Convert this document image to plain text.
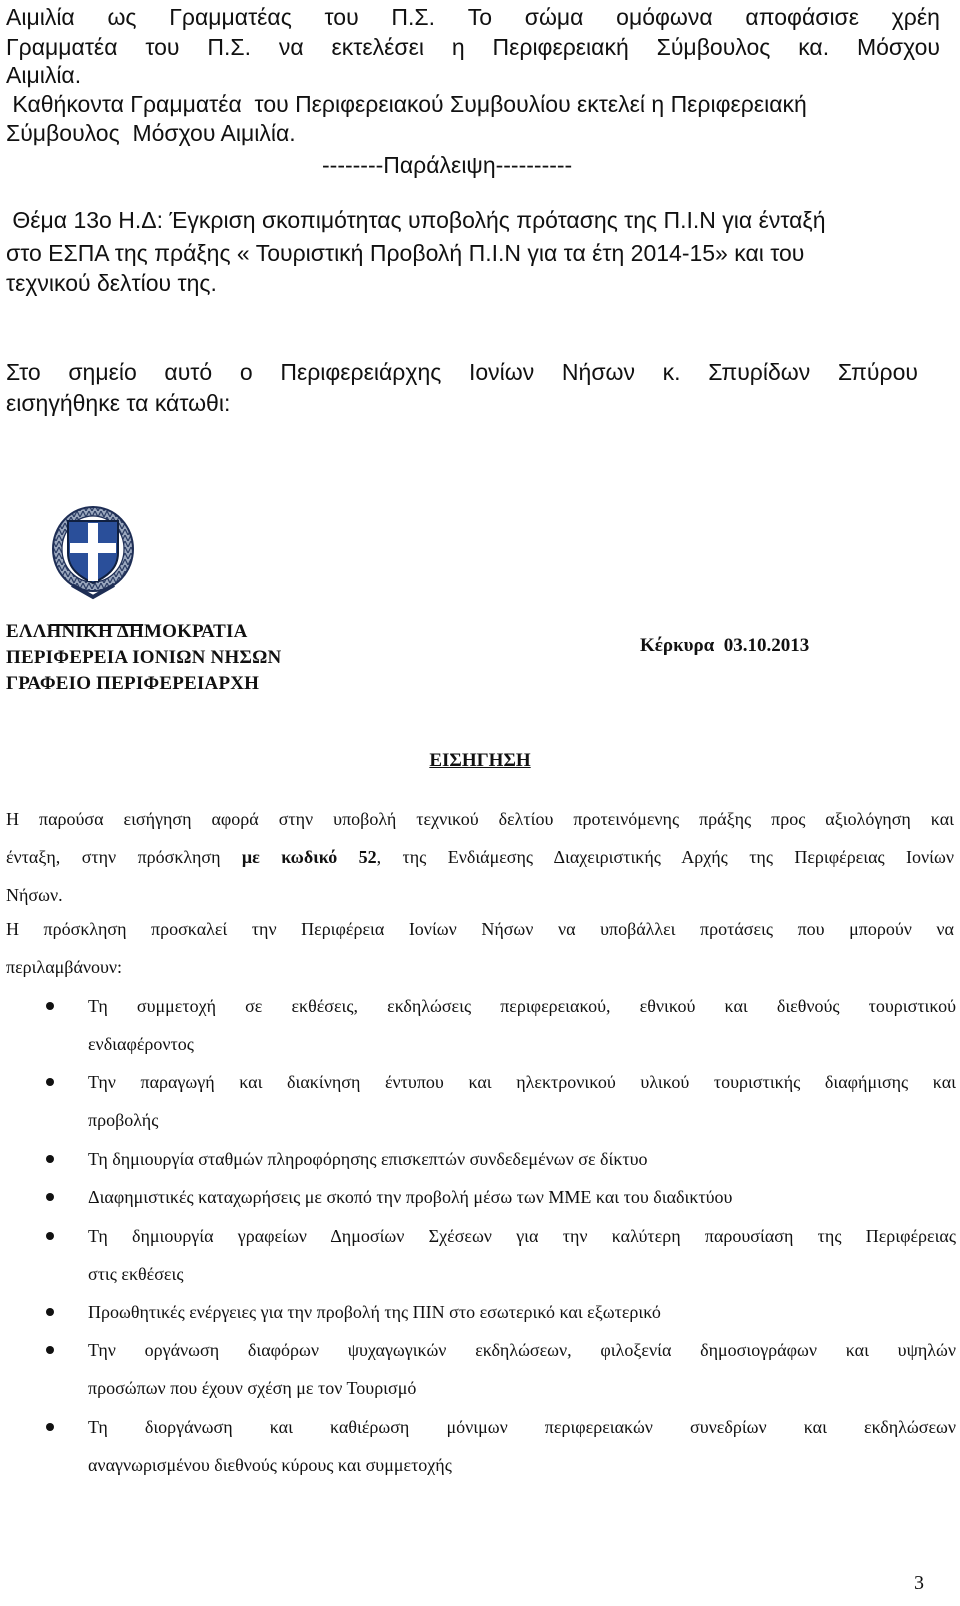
Αιμιλία ως Γραμματέας του Π.Σ. Το σώμα ομόφωνα αποφάσισε χρέη
Γραμματέα του Π.Σ. να εκτελέσει η Περιφερειακή Σύμβουλος κα. Μόσχου
Αιμιλία.
Καθήκοντα Γραμματέα  του Περιφερειακού Συμβουλίου εκτελεί η Περιφερειακή
Σύμβουλος  Μόσχου Αιμιλία.
--------Παράλειψη----------
Θέμα 13ο Η.Δ: Έγκριση σκοπιμότητας υποβολής πρότασης της Π.Ι.Ν για ένταξή
στο ΕΣΠΑ της πράξης « Τουριστική Προβολή Π.Ι.Ν για τα έτη 2014-15» και του
τεχνικού δελτίου της.
Στο σημείο αυτό ο Περιφερειάρχης Ιονίων Νήσων κ. Σπυρίδων Σπύρου
εισηγήθηκε τα κάτωθι:
ΕΛΛΗΝΙΚΗ ΔΗΜΟΚΡΑΤΙΑ
Κέρκυρα  03.10.2013
ΠΕΡΙΦΕΡΕΙΑ ΙΟΝΙΩΝ ΝΗΣΩΝ
ΓΡΑΦΕΙΟ ΠΕΡΙΦΕΡΕΙΑΡΧΗ
ΕΙΣΗΓΗΣΗ
Η παρούσα εισήγηση αφορά στην υποβολή τεχνικού δελτίου προτεινόμενης πράξης προς αξιολόγηση και
ένταξη, στην πρόσκληση με κωδικό 52, της Ενδιάμεσης Διαχειριστικής Αρχής της Περιφέρειας Ιονίων
Νήσων.
Η πρόσκληση προσκαλεί την Περιφέρεια Ιονίων Νήσων να υποβάλλει προτάσεις που μπορούν να
περιλαμβάνουν:
Τη συμμετοχή σε εκθέσεις, εκδηλώσεις περιφερειακού, εθνικού και διεθνούς τουριστικού
ενδιαφέροντος
Την παραγωγή και διακίνηση έντυπου και ηλεκτρονικού υλικού τουριστικής διαφήμισης και
προβολής
Τη δημιουργία σταθμών πληροφόρησης επισκεπτών συνδεδεμένων σε δίκτυο
Διαφημιστικές καταχωρήσεις με σκοπό την προβολή μέσω των ΜΜΕ και του διαδικτύου
Τη δημιουργία γραφείων Δημοσίων Σχέσεων για την καλύτερη παρουσίαση της Περιφέρειας
στις εκθέσεις
Προωθητικές ενέργειες για την προβολή της ΠΙΝ στο εσωτερικό και εξωτερικό
Την οργάνωση διαφόρων ψυχαγωγικών εκδηλώσεων, φιλοξενία δημοσιογράφων και υψηλών
προσώπων που έχουν σχέση με τον Τουρισμό
Τη διοργάνωση και καθιέρωση μόνιμων περιφερειακών συνεδρίων και εκδηλώσεων
αναγνωρισμένου διεθνούς κύρους και συμμετοχής
3
